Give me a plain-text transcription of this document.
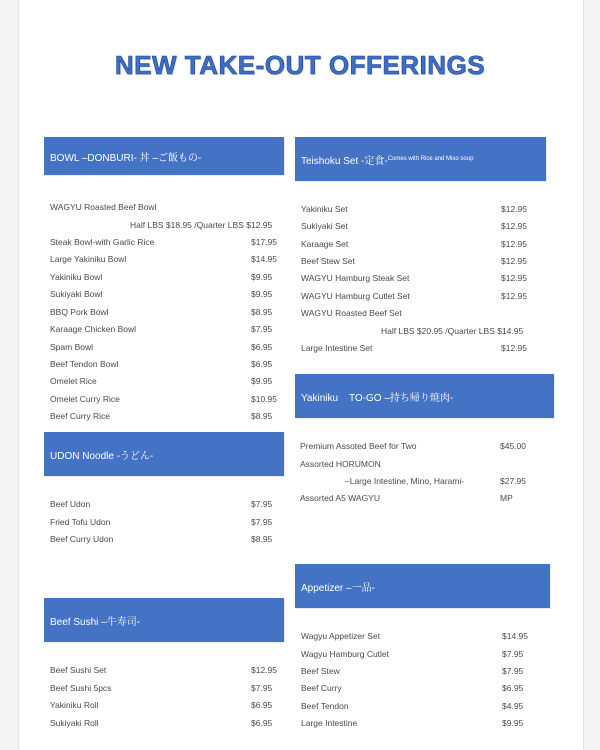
NEW TAKE-OUT OFFERINGS
BOWL –DONBURI- 丼 –ご飯もの-
UDON Noodle -うどん-
Beef Sushi –牛寿司-
Teishoku Set -定食- Comes with Rice and Miso soup
Yakiniku    TO-GO –持ち帰り焼肉-
Appetizer –一品-
WAGYU Roasted Beef Bowl
Half LBS $18.95 /Quarter LBS $12.95
Steak Bowl-with Garlic Rice	$17.95
Large Yakiniku Bowl	$14.95
Yakiniku Bowl	$9.95
Sukiyaki Bowl	$9.95
BBQ Pork Bowl	$8.95
Karaage Chicken Bowl	$7.95
Spam Bowl	$6.95
Beef Tendon Bowl	$6.95
Omelet Rice	$9.95
Omelet Curry Rice	$10.95
Beef Curry Rice	$8.95
Beef Udon	$7.95
Fried Tofu Udon	$7.95
Beef Curry Udon	$8.95
Beef Sushi Set	$12.95
Beef Sushi 5pcs	$7.95
Yakiniku Roll	$6.95
Sukiyaki Roll	$6.95
Yakiniku Set	$12.95
Sukiyaki Set	$12.95
Karaage Set	$12.95
Beef Stew Set	$12.95
WAGYU Hamburg Steak Set	$12.95
WAGYU Hamburg Cutlet Set	$12.95
WAGYU Roasted Beef Set
Half LBS $20.95 /Quarter LBS $14.95
Large Intestine Set	$12.95
Premium Assoted Beef for Two	$45.00
Assorted HORUMON
–Large Intestine, Mino, Harami-	$27.95
Assorted A5 WAGYU	MP
Wagyu Appetizer Set	$14.95
Wagyu Hamburg Cutlet	$7.95
Beef Stew	$7.95
Beef Curry	$6.95
Beef Tendon	$4.95
Large Intestine	$9.95
